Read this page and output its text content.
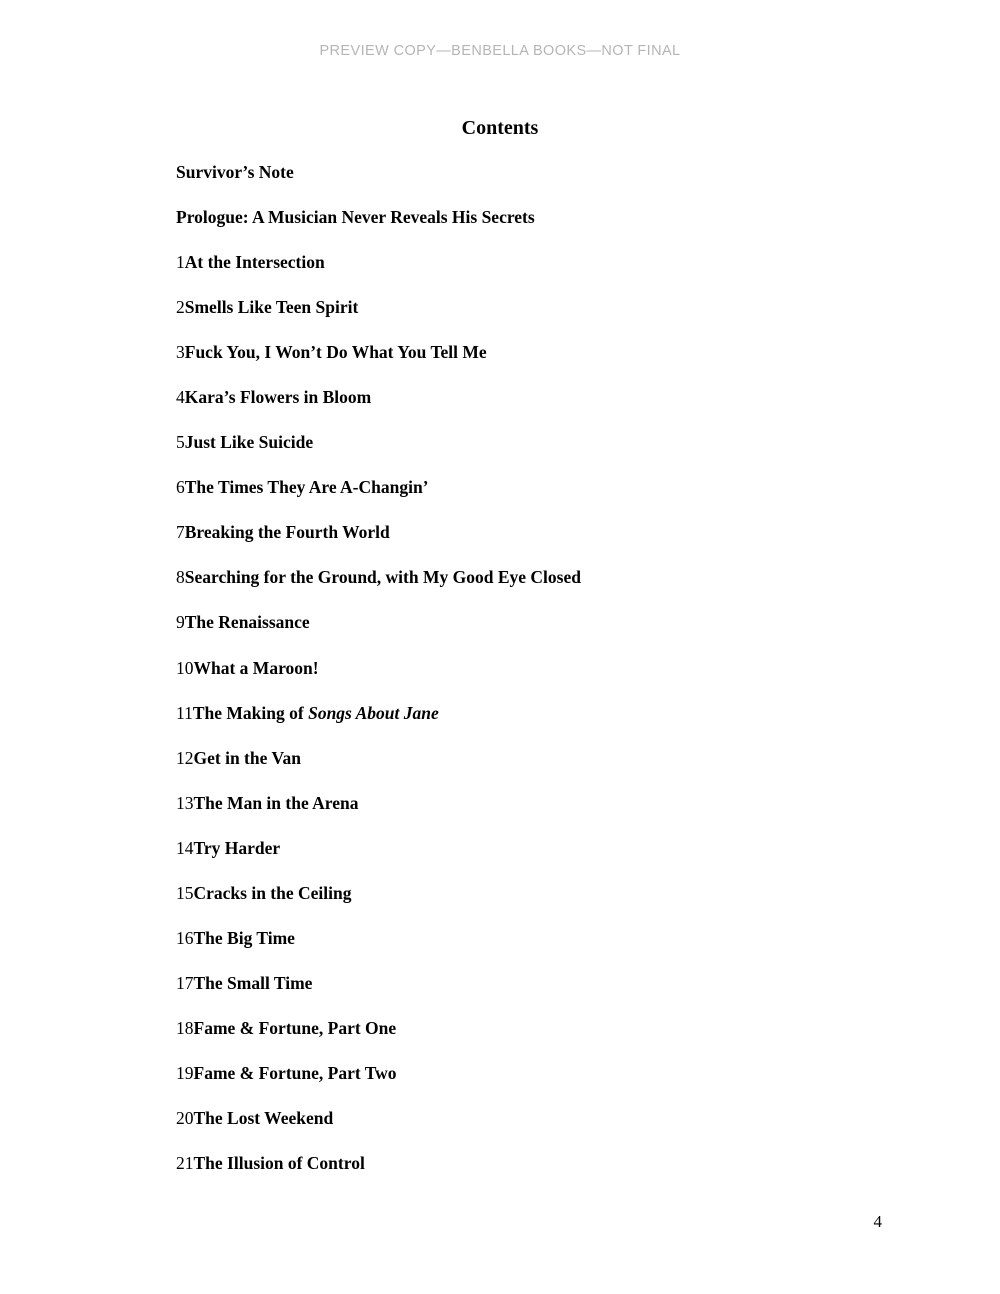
PREVIEW COPY—BENBELLA BOOKS—NOT FINAL
Contents
Survivor’s Note
Prologue: A Musician Never Reveals His Secrets
1At the Intersection
2Smells Like Teen Spirit
3Fuck You, I Won’t Do What You Tell Me
4Kara’s Flowers in Bloom
5Just Like Suicide
6The Times They Are A-Changin’
7Breaking the Fourth World
8Searching for the Ground, with My Good Eye Closed
9The Renaissance
10What a Maroon!
11The Making of Songs About Jane
12Get in the Van
13The Man in the Arena
14Try Harder
15Cracks in the Ceiling
16The Big Time
17The Small Time
18Fame & Fortune, Part One
19Fame & Fortune, Part Two
20The Lost Weekend
21The Illusion of Control
4
